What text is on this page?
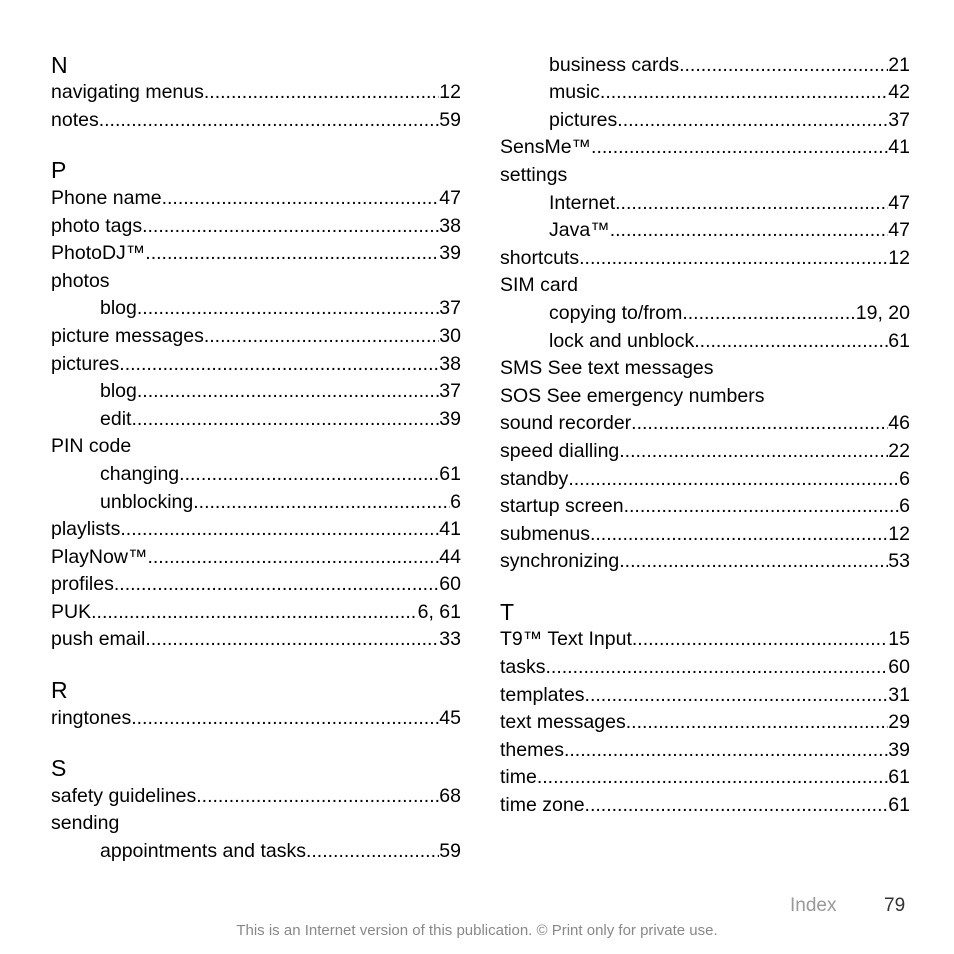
N
navigating menus .....	12
notes .....	59
P
Phone name .....	47
photo tags .....	38
PhotoDJ™ .....	39
photos
blog .....	37
picture messages .....	30
pictures .....	38
blog .....	37
edit .....	39
PIN code
changing .....	61
unblocking .....	6
playlists .....	41
PlayNow™ .....	44
profiles .....	60
PUK .....	6, 61
push email .....	33
R
ringtones .....	45
S
safety guidelines .....	68
sending
appointments and tasks .....	59
business cards .....	21
music .....	42
pictures .....	37
SensMe™ .....	41
settings
Internet .....	47
Java™ .....	47
shortcuts .....	12
SIM card
copying to/from .....	19, 20
lock and unblock .....	61
SMS See text messages
SOS See emergency numbers
sound recorder .....	46
speed dialling .....	22
standby .....	6
startup screen .....	6
submenus .....	12
synchronizing .....	53
T
T9™ Text Input .....	15
tasks .....	60
templates .....	31
text messages .....	29
themes .....	39
time .....	61
time zone .....	61
Index	79
This is an Internet version of this publication. © Print only for private use.
